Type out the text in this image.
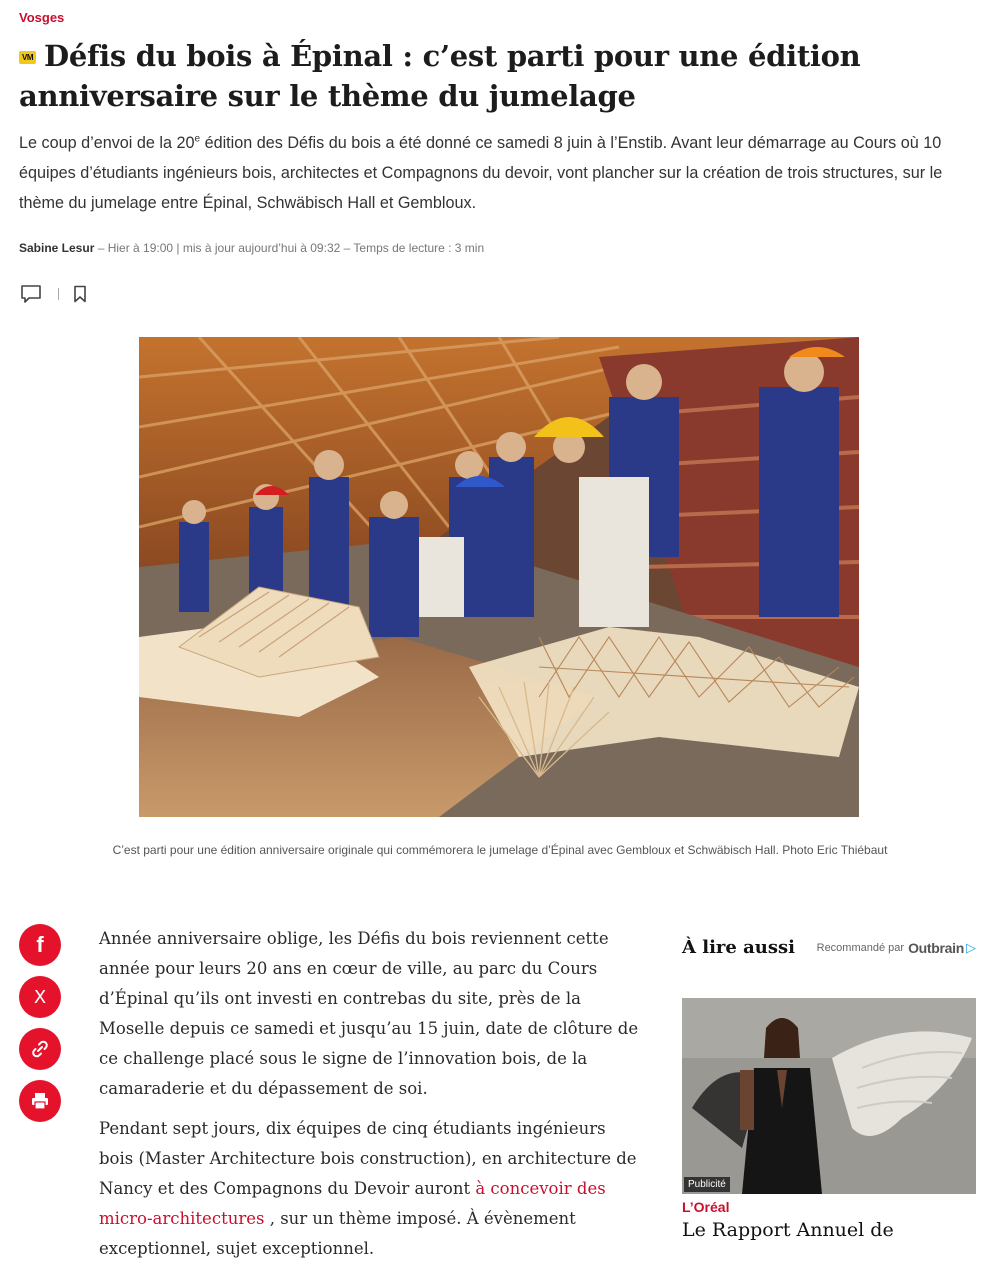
Vosges
VM Défis du bois à Épinal : c’est parti pour une édition anniversaire sur le thème du jumelage

Le coup d’envoi de la 20e édition des Défis du bois a été donné ce samedi 8 juin à l’Enstib. Avant leur démarrage au Cours où 10 équipes d’étudiants ingénieurs bois, architectes et Compagnons du devoir, vont plancher sur la création de trois structures, sur le thème du jumelage entre Épinal, Schwäbisch Hall et Gembloux.

Sabine Lesur – Hier à 19:00 | mis à jour aujourd’hui à 09:32 – Temps de lecture : 3 min
C’est parti pour une édition anniversaire originale qui commémorera le jumelage d’Épinal avec Gembloux et Schwäbisch Hall. Photo Eric Thiébaut
f
X

Année anniversaire oblige, les Défis du bois reviennent cette année pour leurs 20 ans en cœur de ville, au parc du Cours d’Épinal qu’ils ont investi en contrebas du site, près de la Moselle depuis ce samedi et jusqu’au 15 juin, date de clôture de ce challenge placé sous le signe de l’innovation bois, de la camaraderie et du dépassement de soi.

Pendant sept jours, dix équipes de cinq étudiants ingénieurs bois (Master Architecture bois construction), en architecture de Nancy et des Compagnons du Devoir auront à concevoir des micro-architectures , sur un thème imposé. À évènement exceptionnel, sujet exceptionnel.

À lire aussi Recommandé par Outbrain ▷
Publicité
L’Oréal
Le Rapport Annuel de
